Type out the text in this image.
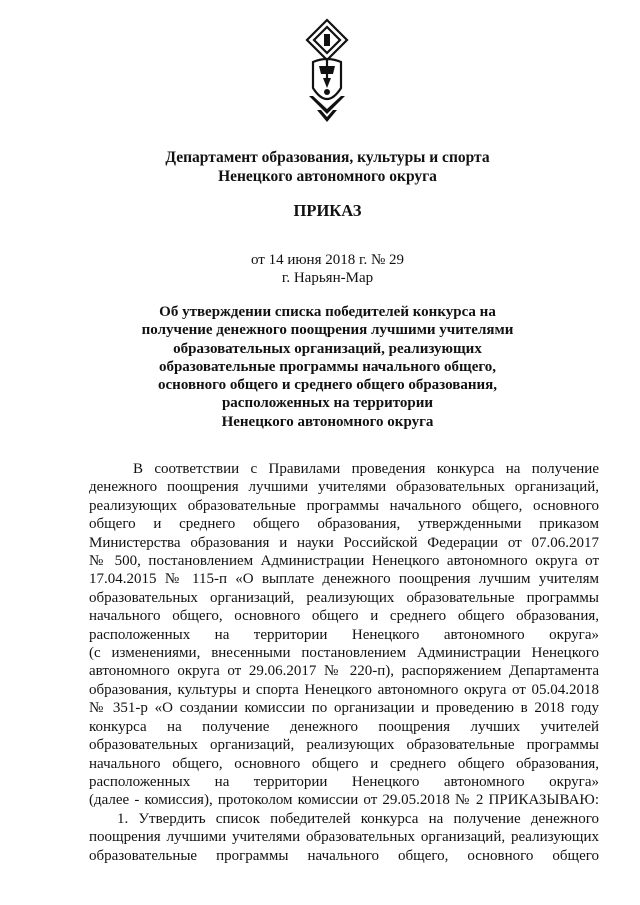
Департамент образования, культуры и спорта
Ненецкого автономного округа
ПРИКАЗ
от 14 июня 2018 г. № 29
г. Нарьян-Мар
Об утверждении списка победителей конкурса на
получение денежного поощрения лучшими учителями
образовательных организаций, реализующих
образовательные программы начального общего,
основного общего и среднего общего образования,
расположенных на территории
Ненецкого автономного округа
В соответствии с Правилами проведения конкурса на получение
денежного поощрения лучшими учителями образовательных организаций,
реализующих образовательные программы начального общего, основного
общего и среднего общего образования, утвержденными приказом
Министерства образования и науки Российской Федерации от 07.06.2017
№ 500, постановлением Администрации Ненецкого автономного округа от
17.04.2015 № 115-п «О выплате денежного поощрения лучшим учителям
образовательных организаций, реализующих образовательные программы
начального общего, основного общего и среднего общего образования,
расположенных на территории Ненецкого автономного округа»
(с изменениями, внесенными постановлением Администрации Ненецкого
автономного округа от 29.06.2017 № 220-п), распоряжением Департамента
образования, культуры и спорта Ненецкого автономного округа от 05.04.2018
№ 351-р «О создании комиссии по организации и проведению в 2018 году
конкурса на получение денежного поощрения лучших учителей
образовательных организаций, реализующих образовательные программы
начального общего, основного общего и среднего общего образования,
расположенных на территории Ненецкого автономного округа»
(далее - комиссия), протоколом комиссии от 29.05.2018 № 2 ПРИКАЗЫВАЮ:
1. Утвердить список победителей конкурса на получение денежного
поощрения лучшими учителями образовательных организаций, реализующих
образовательные программы начального общего, основного общего
